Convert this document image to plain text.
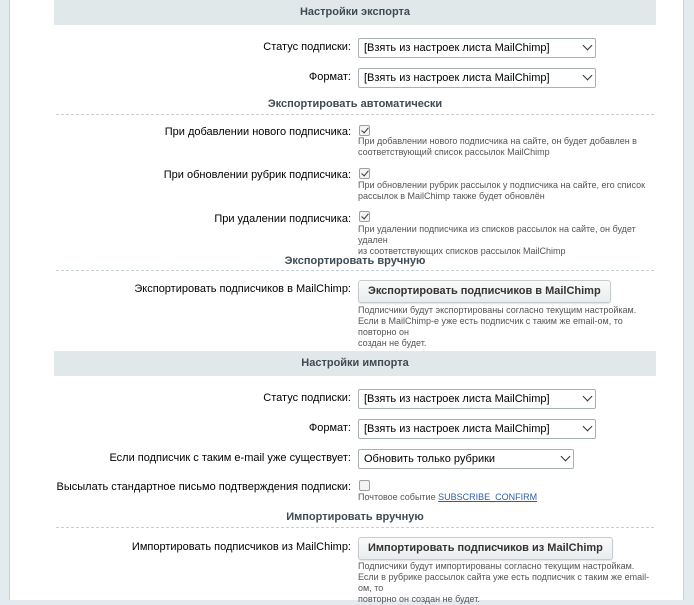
Настройки экспорта
Статус подписки:	[Взять из настроек листа MailChimp]
Формат:	[Взять из настроек листа MailChimp]
Экспортировать автоматически
При добавлении нового подписчика:
При добавлении нового подписчика на сайте, он будет добавлен в
соответствующий список рассылок MailChimp
При обновлении рубрик подписчика:
При обновлении рубрик рассылок у подписчика на сайте, его список
рассылок в MailChimp также будет обновлён
При удалении подписчика:
При удалении подписчика из списков рассылок на сайте, он будет удален
из соответствующих списков рассылок MailChimp
Экспортировать вручную
Экспортировать подписчиков в MailChimp:	Экспортировать подписчиков в MailChimp
Подписчики будут экспортированы согласно текущим настройкам.
Если в MailChimp-е уже есть подписчик с таким же email-ом, то повторно он
создан не будет.
Настройки импорта
Статус подписки:	[Взять из настроек листа MailChimp]
Формат:	[Взять из настроек листа MailChimp]
Если подписчик с таким e-mail уже существует:	Обновить только рубрики
Высылать стандартное письмо подтверждения подписки:
Почтовое событие SUBSCRIBE_CONFIRM
Импортировать вручную
Импортировать подписчиков из MailChimp:	Импортировать подписчиков из MailChimp
Подписчики будут импортированы согласно текущим настройкам.
Если в рубрике рассылок сайта уже есть подписчик с таким же email-ом, то
повторно он создан не будет.
